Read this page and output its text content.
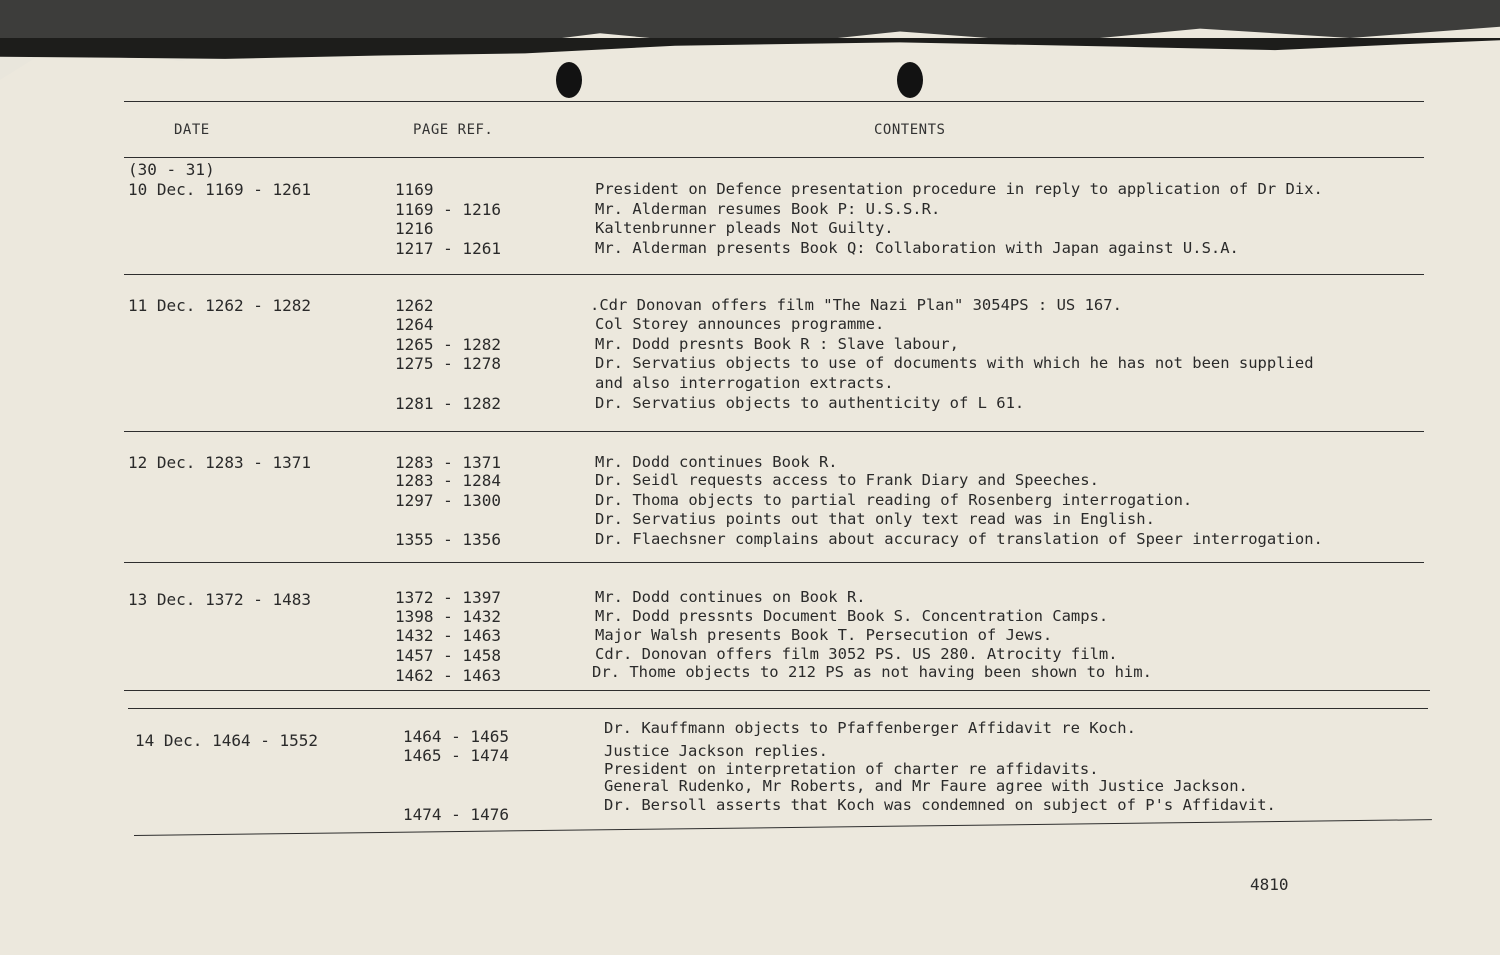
DATE	PAGE REF.	CONTENTS
(30 - 31)
10 Dec. 1169 - 1261	1169	President on Defence presentation procedure in reply to application of Dr Dix.
1169 - 1216	Mr. Alderman resumes Book P: U.S.S.R.
1216	Kaltenbrunner pleads Not Guilty.
1217 - 1261	Mr. Alderman presents Book Q: Collaboration with Japan against U.S.A.
11 Dec. 1262 - 1282	1262	.Cdr Donovan offers film "The Nazi Plan" 3054PS : US 167.
1264	Col Storey announces programme.
1265 - 1282	Mr. Dodd presnts Book R : Slave labour,
1275 - 1278	Dr. Servatius objects to use of documents with which he has not been supplied
and also interrogation extracts.
1281 - 1282	Dr. Servatius objects to authenticity of L 61.
12 Dec. 1283 - 1371	1283 - 1371	Mr. Dodd continues Book R.
1283 - 1284	Dr. Seidl requests access to Frank Diary and Speeches.
1297 - 1300	Dr. Thoma objects to partial reading of Rosenberg interrogation.
Dr. Servatius points out that only text read was in English.
1355 - 1356	Dr. Flaechsner complains about accuracy of translation of Speer interrogation.
13 Dec. 1372 - 1483	1372 - 1397	Mr. Dodd continues on Book R.
1398 - 1432	Mr. Dodd pressnts Document Book S. Concentration Camps.
1432 - 1463	Major Walsh presents Book T. Persecution of Jews.
1457 - 1458	Cdr. Donovan offers film 3052 PS. US 280. Atrocity film.
1462 - 1463	Dr. Thome objects to 212 PS as not having been shown to him.
14 Dec. 1464 - 1552	1464 - 1465	Dr. Kauffmann objects to Pfaffenberger Affidavit re Koch.
1465 - 1474	Justice Jackson replies.
President on interpretation of charter re affidavits.
General Rudenko, Mr Roberts, and Mr Faure agree with Justice Jackson.
1474 - 1476	Dr. Bersoll asserts that Koch was condemned on subject of P's Affidavit.
4810
